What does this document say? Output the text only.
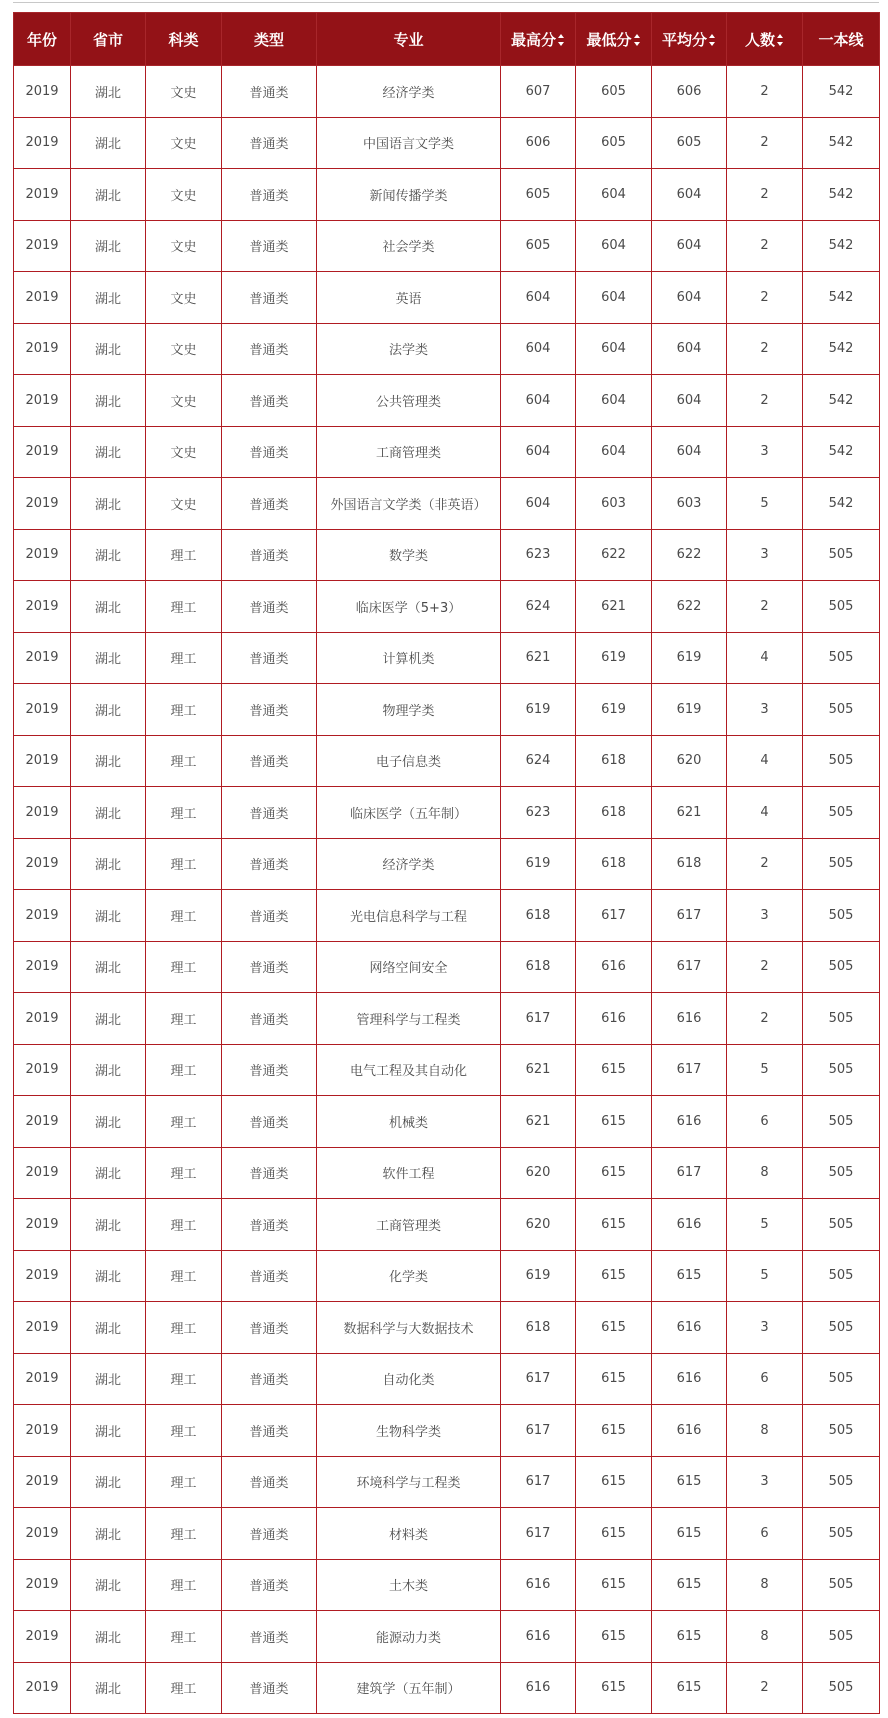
年份	省市	科类	类型	专业	最高分	最低分	平均分	人数	一本线
2019	湖北	文史	普通类	经济学类	607	605	606	2	542
2019	湖北	文史	普通类	中国语言文学类	606	605	605	2	542
2019	湖北	文史	普通类	新闻传播学类	605	604	604	2	542
2019	湖北	文史	普通类	社会学类	605	604	604	2	542
2019	湖北	文史	普通类	英语	604	604	604	2	542
2019	湖北	文史	普通类	法学类	604	604	604	2	542
2019	湖北	文史	普通类	公共管理类	604	604	604	2	542
2019	湖北	文史	普通类	工商管理类	604	604	604	3	542
2019	湖北	文史	普通类	外国语言文学类（非英语）	604	603	603	5	542
2019	湖北	理工	普通类	数学类	623	622	622	3	505
2019	湖北	理工	普通类	临床医学（5+3）	624	621	622	2	505
2019	湖北	理工	普通类	计算机类	621	619	619	4	505
2019	湖北	理工	普通类	物理学类	619	619	619	3	505
2019	湖北	理工	普通类	电子信息类	624	618	620	4	505
2019	湖北	理工	普通类	临床医学（五年制）	623	618	621	4	505
2019	湖北	理工	普通类	经济学类	619	618	618	2	505
2019	湖北	理工	普通类	光电信息科学与工程	618	617	617	3	505
2019	湖北	理工	普通类	网络空间安全	618	616	617	2	505
2019	湖北	理工	普通类	管理科学与工程类	617	616	616	2	505
2019	湖北	理工	普通类	电气工程及其自动化	621	615	617	5	505
2019	湖北	理工	普通类	机械类	621	615	616	6	505
2019	湖北	理工	普通类	软件工程	620	615	617	8	505
2019	湖北	理工	普通类	工商管理类	620	615	616	5	505
2019	湖北	理工	普通类	化学类	619	615	615	5	505
2019	湖北	理工	普通类	数据科学与大数据技术	618	615	616	3	505
2019	湖北	理工	普通类	自动化类	617	615	616	6	505
2019	湖北	理工	普通类	生物科学类	617	615	616	8	505
2019	湖北	理工	普通类	环境科学与工程类	617	615	615	3	505
2019	湖北	理工	普通类	材料类	617	615	615	6	505
2019	湖北	理工	普通类	土木类	616	615	615	8	505
2019	湖北	理工	普通类	能源动力类	616	615	615	8	505
2019	湖北	理工	普通类	建筑学（五年制）	616	615	615	2	505
